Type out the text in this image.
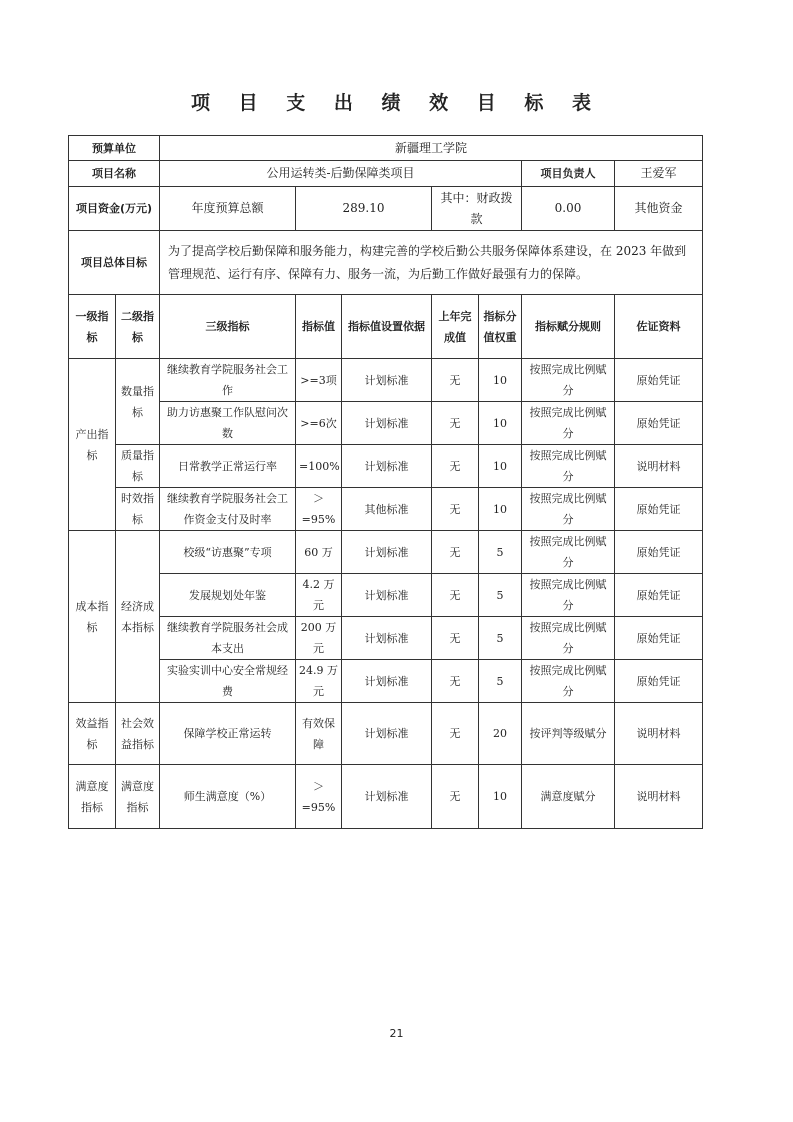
项 目 支 出 绩 效 目 标 表
预算单位		新疆理工学院							
项目名称		公用运转类-后勤保障类项目					项目负责人	王爱军	
项目资金(万元)		年度预算总额	289.10		其中：财政拨款		0.00	其他资金	
项目总体目标		为了提高学校后勤保障和服务能力，构建完善的学校后勤公共服务保障体系建设，在 2023 年做到管理规范、运行有序、保障有力、服务一流，为后勤工作做好最强有力的保障。							
一级指标	二级指标	三级指标	指标值	指标值设置依据	上年完成值	指标分值权重	指标赋分规则	佐证资料	
产出指标	数量指标	继续教育学院服务社会工作	>=3项	计划标准	无	10	按照完成比例赋分	原始凭证	
		助力访惠聚工作队慰问次数	>=6次	计划标准	无	10	按照完成比例赋分	原始凭证	
	质量指标	日常教学正常运行率	=100%	计划标准	无	10	按照完成比例赋分	说明材料	
	时效指标	继续教育学院服务社会工作资金支付及时率	＞=95%	其他标准	无	10	按照完成比例赋分	原始凭证	
成本指标	经济成本指标	校级“访惠聚”专项	60 万	计划标准	无	5	按照完成比例赋分	原始凭证	
		发展规划处年鉴	4.2 万元	计划标准	无	5	按照完成比例赋分	原始凭证	
		继续教育学院服务社会成本支出	200 万元	计划标准	无	5	按照完成比例赋分	原始凭证	
		实验实训中心安全常规经费	24.9 万元	计划标准	无	5	按照完成比例赋分	原始凭证	
效益指标	社会效益指标	保障学校正常运转	有效保障	计划标准	无	20	按评判等级赋分	说明材料	
满意度指标	满意度指标	师生满意度（%）	＞=95%	计划标准	无	10	满意度赋分	说明材料	
21
